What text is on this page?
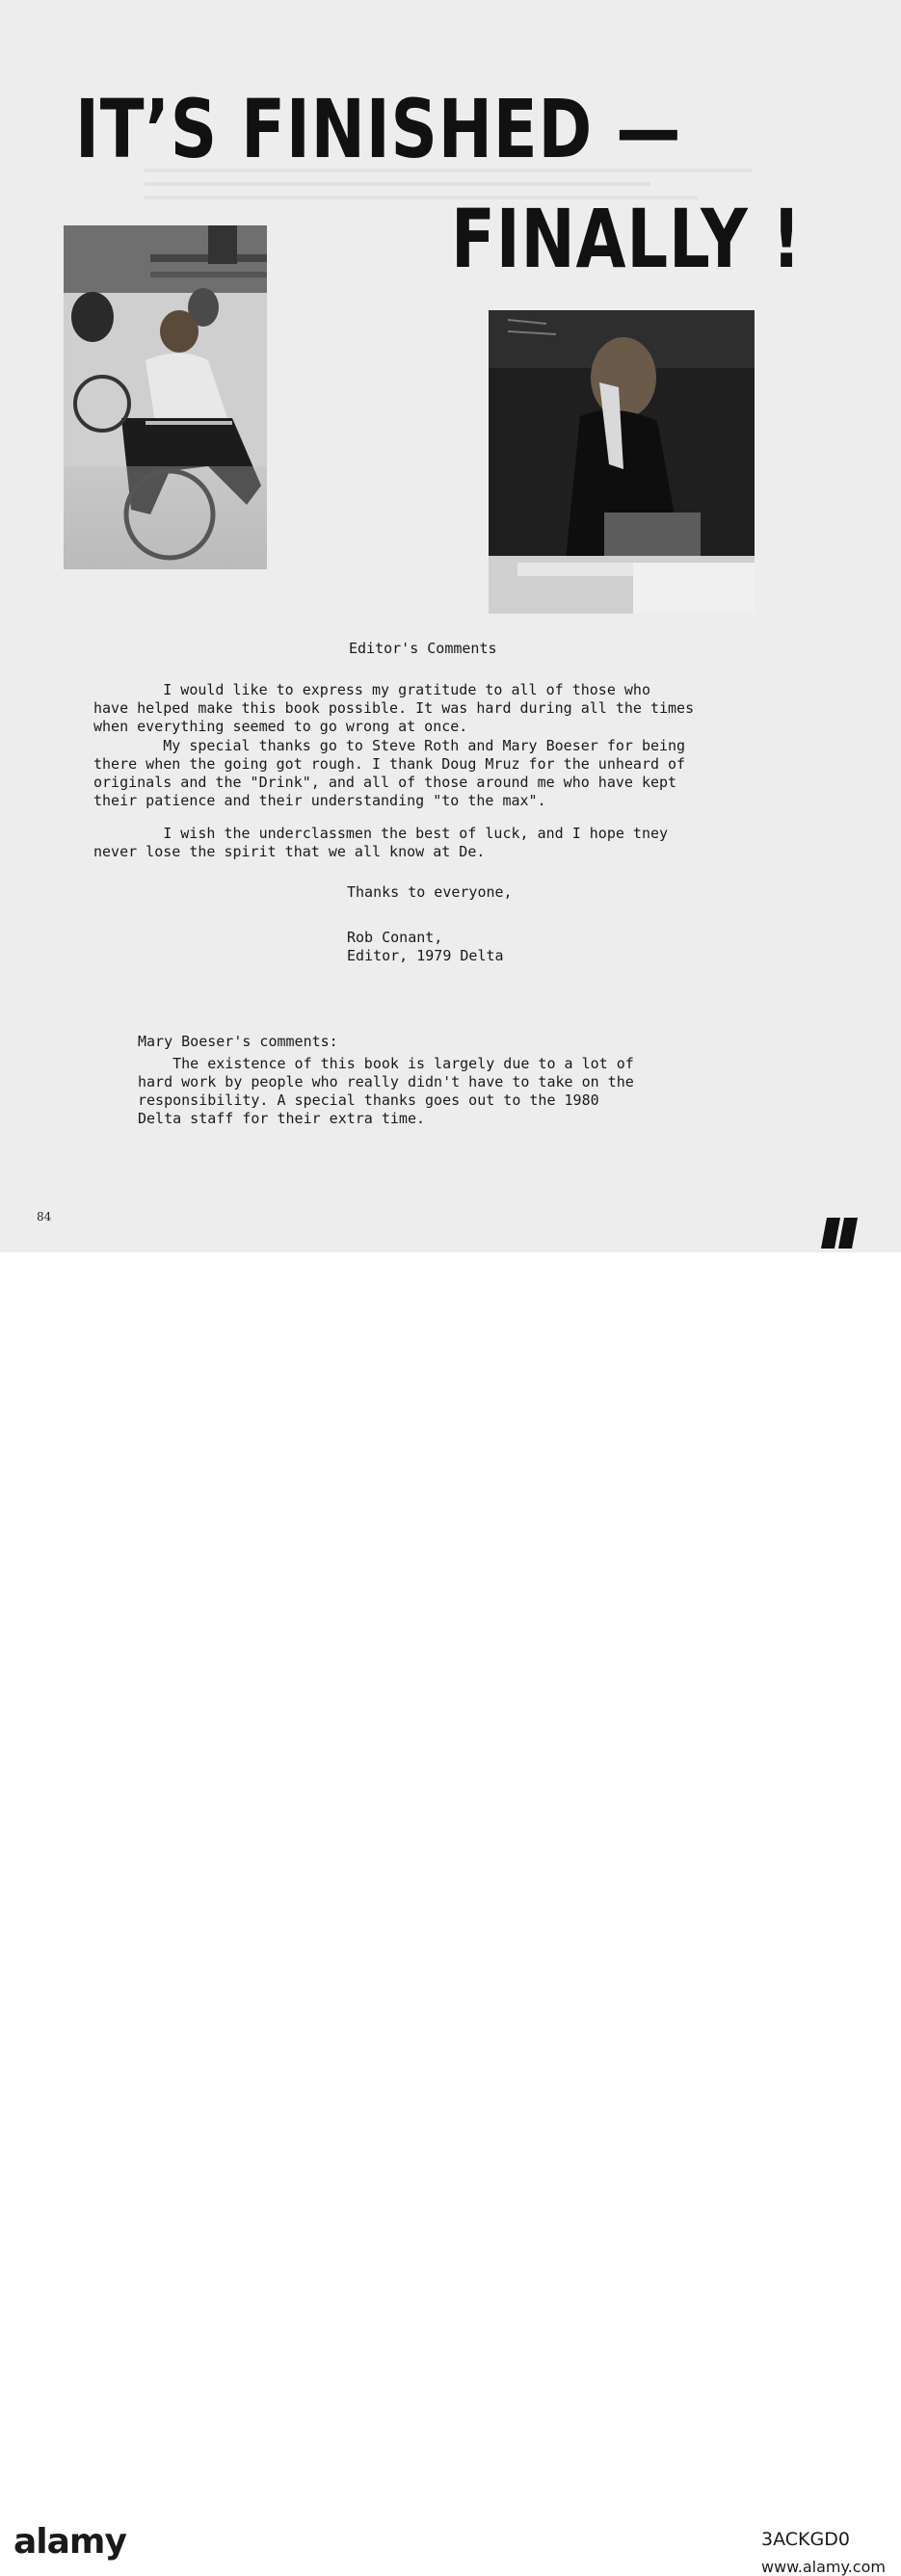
IT’S FINISHED —
FINALLY !
Editor's Comments
I would like to express my gratitude to all of those who
have helped make this book possible. It was hard during all the times
when everything seemed to go wrong at once.
My special thanks go to Steve Roth and Mary Boeser for being
there when the going got rough. I thank Doug Mruz for the unheard of
originals and the "Drink", and all of those around me who have kept
their patience and their understanding "to the max".
I wish the underclassmen the best of luck, and I hope tney
never lose the spirit that we all know at De.
Thanks to everyone,
Rob Conant,
Editor, 1979 Delta
Mary Boeser's comments:
The existence of this book is largely due to a lot of
hard work by people who really didn't have to take on the
responsibility. A special thanks goes out to the 1980
Delta staff for their extra time.
84
alamy	3ACKGD0
www.alamy.com
